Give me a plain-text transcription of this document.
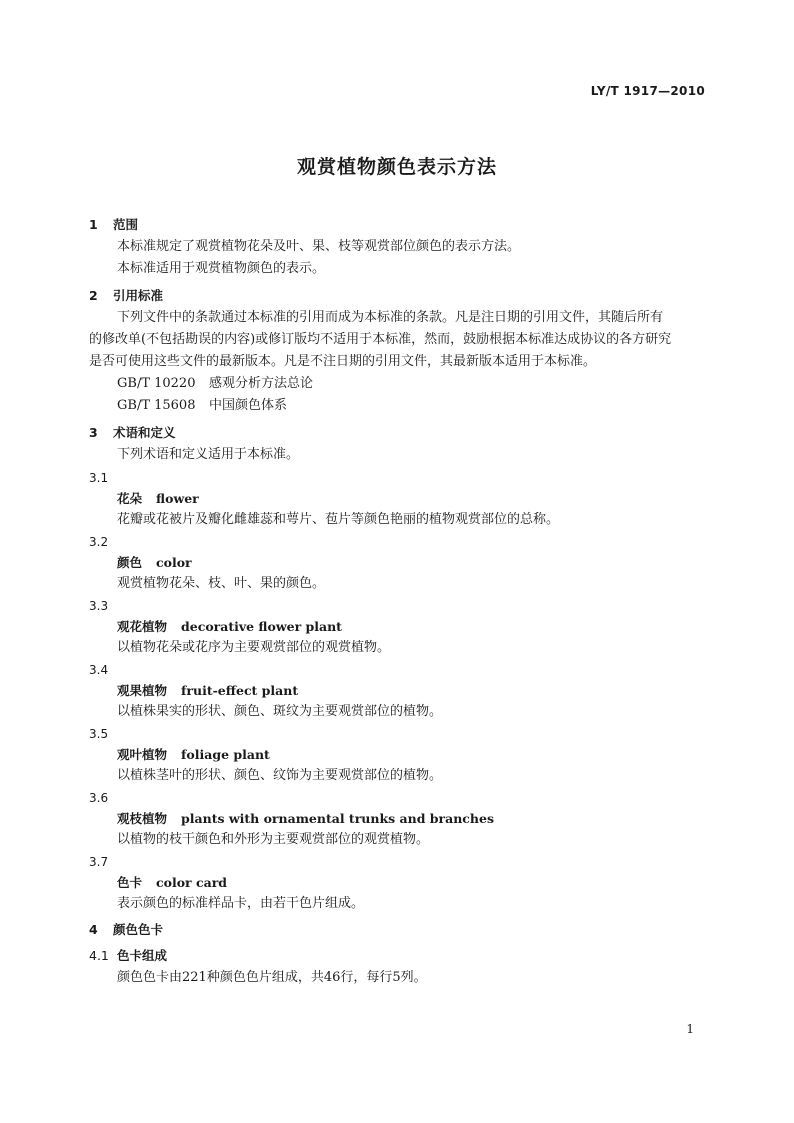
LY/T 1917—2010
观赏植物颜色表示方法
1 范围

本标准规定了观赏植物花朵及叶、果、枝等观赏部位颜色的表示方法。

本标准适用于观赏植物颜色的表示。

2 引用标准

下列文件中的条款通过本标准的引用而成为本标准的条款。凡是注日期的引用文件，其随后所有

的修改单(不包括勘误的内容)或修订版均不适用于本标准，然而，鼓励根据本标准达成协议的各方研究

是否可使用这些文件的最新版本。凡是不注日期的引用文件，其最新版本适用于本标准。

GB/T 10220 感观分析方法总论

GB/T 15608 中国颜色体系

3 术语和定义

下列术语和定义适用于本标准。

3.1
花朵 flower
花瓣或花被片及瓣化雌雄蕊和萼片、苞片等颜色艳丽的植物观赏部位的总称。
3.2
颜色 color
观赏植物花朵、枝、叶、果的颜色。
3.3
观花植物 decorative flower plant
以植物花朵或花序为主要观赏部位的观赏植物。
3.4
观果植物 fruit-effect plant
以植株果实的形状、颜色、斑纹为主要观赏部位的植物。
3.5
观叶植物 foliage plant
以植株茎叶的形状、颜色、纹饰为主要观赏部位的植物。
3.6
观枝植物 plants with ornamental trunks and branches
以植物的枝干颜色和外形为主要观赏部位的观赏植物。
3.7
色卡 color card
表示颜色的标准样品卡，由若干色片组成。
4 颜色色卡
4.1 色卡组成

颜色色卡由221种颜色色片组成，共46行，每行5列。

1
